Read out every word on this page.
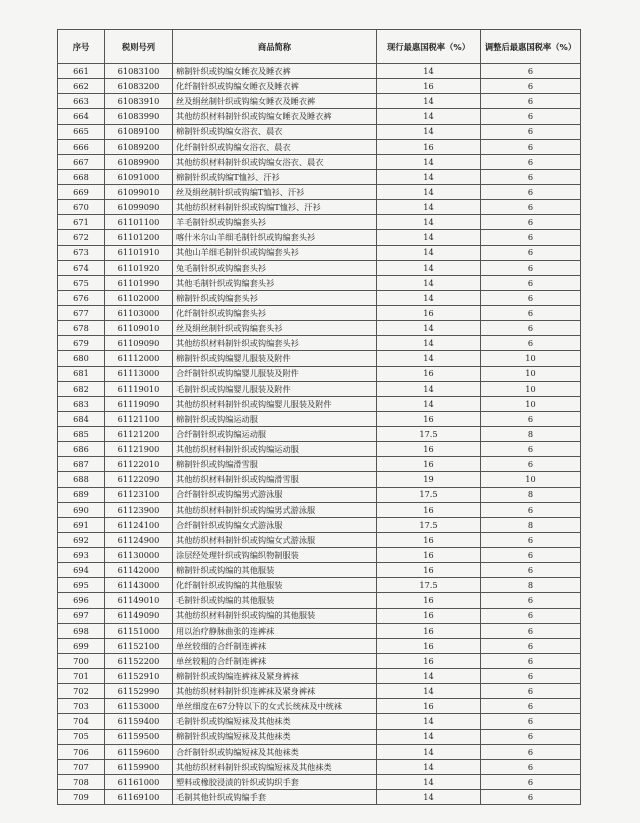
序号	税则号列	商品简称	现行最惠国税率（%）	调整后最惠国税率（%）
661	61083100	棉制针织或钩编女睡衣及睡衣裤	14	6
662	61083200	化纤制针织或钩编女睡衣及睡衣裤	16	6
663	61083910	丝及绢丝制针织或钩编女睡衣及睡衣裤	14	6
664	61083990	其他纺织材料制针织或钩编女睡衣及睡衣裤	14	6
665	61089100	棉制针织或钩编女浴衣、晨衣	14	6
666	61089200	化纤制针织或钩编女浴衣、晨衣	16	6
667	61089900	其他纺织材料制针织或钩编女浴衣、晨衣	14	6
668	61091000	棉制针织或钩编T恤衫、汗衫	14	6
669	61099010	丝及绢丝制针织或钩编T恤衫、汗衫	14	6
670	61099090	其他纺织材料制针织或钩编T恤衫、汗衫	14	6
671	61101100	羊毛制针织或钩编套头衫	14	6
672	61101200	喀什米尔山羊细毛制针织或钩编套头衫	14	6
673	61101910	其他山羊细毛制针织或钩编套头衫	14	6
674	61101920	兔毛制针织或钩编套头衫	14	6
675	61101990	其他毛制针织或钩编套头衫	14	6
676	61102000	棉制针织或钩编套头衫	14	6
677	61103000	化纤制针织或钩编套头衫	16	6
678	61109010	丝及绢丝制针织或钩编套头衫	14	6
679	61109090	其他纺织材料制针织或钩编套头衫	14	6
680	61112000	棉制针织或钩编婴儿服装及附件	14	10
681	61113000	合纤制针织或钩编婴儿服装及附件	16	10
682	61119010	毛制针织或钩编婴儿服装及附件	14	10
683	61119090	其他纺织材料制针织或钩编婴儿服装及附件	14	10
684	61121100	棉制针织或钩编运动服	16	6
685	61121200	合纤制针织或钩编运动服	17.5	8
686	61121900	其他纺织材料制针织或钩编运动服	16	6
687	61122010	棉制针织或钩编滑雪服	16	6
688	61122090	其他纺织材料制针织或钩编滑雪服	19	10
689	61123100	合纤制针织或钩编男式游泳服	17.5	8
690	61123900	其他纺织材料制针织或钩编男式游泳服	16	6
691	61124100	合纤制针织或钩编女式游泳服	17.5	8
692	61124900	其他纺织材料制针织或钩编女式游泳服	16	6
693	61130000	涂层经处理针织或钩编织物制服装	16	6
694	61142000	棉制针织或钩编的其他服装	16	6
695	61143000	化纤制针织或钩编的其他服装	17.5	8
696	61149010	毛制针织或钩编的其他服装	16	6
697	61149090	其他纺织材料制针织或钩编的其他服装	16	6
698	61151000	用以治疗静脉曲张的连裤袜	16	6
699	61152100	单丝较细的合纤制连裤袜	16	6
700	61152200	单丝较粗的合纤制连裤袜	16	6
701	61152910	棉制针织或钩编连裤袜及紧身裤袜	14	6
702	61152990	其他纺织材料制针织连裤袜及紧身裤袜	14	6
703	61153000	单丝细度在67分特以下的女式长统袜及中统袜	16	6
704	61159400	毛制针织或钩编短袜及其他袜类	14	6
705	61159500	棉制针织或钩编短袜及其他袜类	14	6
706	61159600	合纤制针织或钩编短袜及其他袜类	14	6
707	61159900	其他纺织材料制针织或钩编短袜及其他袜类	14	6
708	61161000	塑料或橡胶浸渍的针织或钩织手套	14	6
709	61169100	毛制其他针织或钩编手套	14	6
